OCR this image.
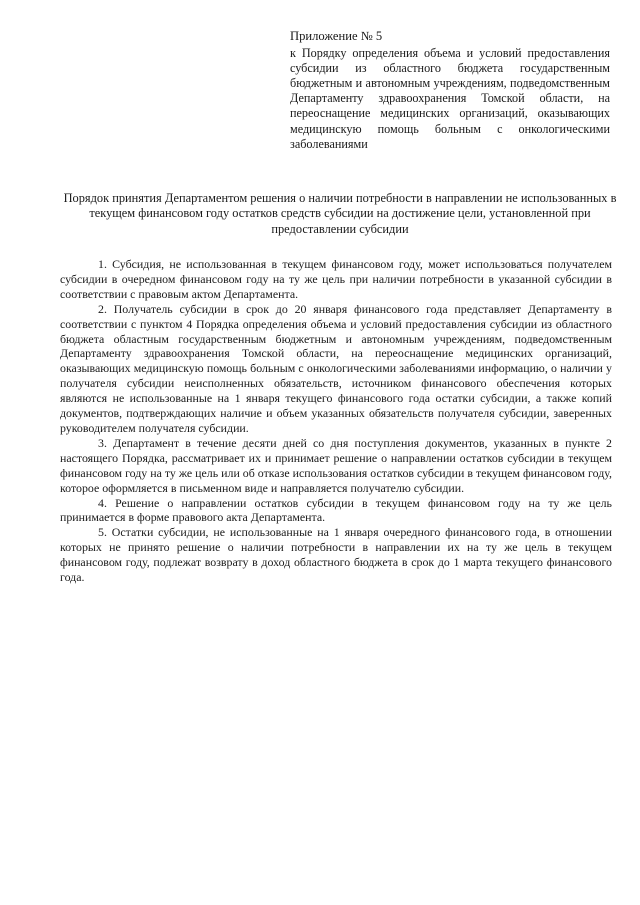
Приложение № 5

к Порядку определения объема и условий предоставления субсидии из областного бюджета государственным бюджетным и автономным учреждениям, подведомственным Департаменту здравоохранения Томской области, на переоснащение медицинских организаций, оказывающих медицинскую помощь больным с онкологическими заболеваниями

Порядок принятия Департаментом решения о наличии потребности в направлении не использованных в текущем финансовом году остатков средств субсидии на достижение цели, установленной при предоставлении субсидии

1. Субсидия, не использованная в текущем финансовом году, может использоваться получателем субсидии в очередном финансовом году на ту же цель при наличии потребности в указанной субсидии в соответствии с правовым актом Департамента.

2. Получатель субсидии в срок до 20 января финансового года представляет Департаменту в соответствии с пунктом 4 Порядка определения объема и условий предоставления субсидии из областного бюджета областным государственным бюджетным и автономным учреждениям, подведомственным Департаменту здравоохранения Томской области, на переоснащение медицинских организаций, оказывающих медицинскую помощь больным с онкологическими заболеваниями информацию, о наличии у получателя субсидии неисполненных обязательств, источником финансового обеспечения которых являются не использованные на 1 января текущего финансового года остатки субсидии, а также копий документов, подтверждающих наличие и объем указанных обязательств получателя субсидии, заверенных руководителем получателя субсидии.

3. Департамент в течение десяти дней со дня поступления документов, указанных в пункте 2 настоящего Порядка, рассматривает их и принимает решение о направлении остатков субсидии в текущем финансовом году на ту же цель или об отказе использования остатков субсидии в текущем финансовом году, которое оформляется в письменном виде и направляется получателю субсидии.

4. Решение о направлении остатков субсидии в текущем финансовом году на ту же цель принимается в форме правового акта Департамента.

5. Остатки субсидии, не использованные на 1 января очередного финансового года, в отношении которых не принято решение о наличии потребности в направлении их на ту же цель в текущем финансовом году, подлежат возврату в доход областного бюджета в срок до 1 марта текущего финансового года.
